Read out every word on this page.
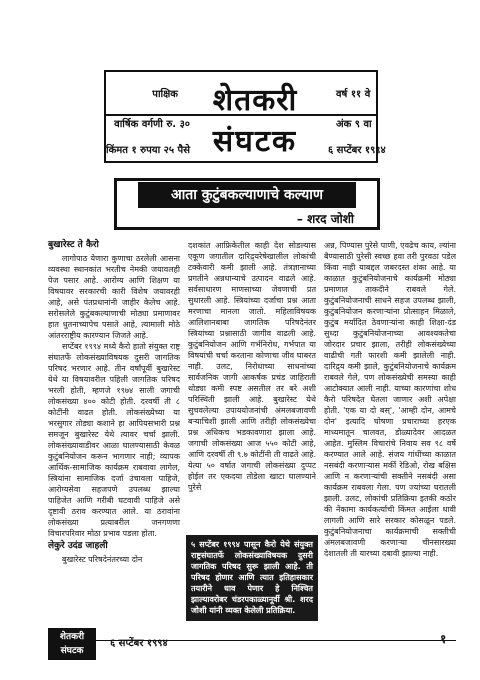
पाक्षिक
वार्षिक वर्गणी रु. ३०
किंमत १ रुपया २५ पैसे
शेतकरी
संघटक
वर्ष ११ वे
अंक ९ वा
६ सप्टेंबर १९९४
आता कुटुंबकल्याणाचे कल्याण
– शरद जोशी
बुखारेस्ट ते कैरो
लागोपाठ येणारा कुणाचा ठरलेली आसना व्यवस्था स्थानकांत भरतीच नेमकी जयावलही पेज पसार आहे. आरोग्य आणि शिक्षण या विषयावर सरकारची कारी विशेष जयावरही आहे, असे पंतप्रधानांनी जाहीर केलेच आहे. सरोसलेले कुटुंबकल्याणाची मोठ्या प्रमाणावर हात धुतनाच्यापेच पसाते आहे, त्यामाली मोठे आंतरराष्ट्रीय कारण्यान जिजते आहे.
सप्टेंबर १९९४ मध्ये कैरो हातो संयुक्त राष्ट्र संघातर्फे लोकसंख्याविषयक दुसरी जागतिक परिषद भरणार आहे. तीन वर्षांपूर्वी बुखारेस्ट येथे या विषयावरील पहिली जागतिक परिषद भरली होती, म्हणजे १९७४ साली जगाची लोकसंख्या ४०० कोटी होती. दरवर्षी ती ८ कोटींनी वाढत होती. लोकसंख्येच्या या भरसुगार तोड्या कशाने हा आपियसभारी प्रश्न समजून बुखारेस्ट येथे त्यावर चर्चा झाली. लोकसंख्यावाडीवर आळा घालण्यासाठी केवळ कुटुंबनियोजन करून भागणार नाही; व्यापक आर्थिक-सामाजिक कार्यक्रम राबवावा लागेल, स्त्रियांना सामाजिक दर्जा उंचावला पाहिजे, आरोग्यसेवा सहजपणे उपलब्ध झाल्या पाहिजेत आणि गरीबी घटवावी पाहिजे असे दृष्टावी ठराव करण्यात आले. या ठरावांना लोकसंख्या प्रत्याबरील जनगणणा विचारपरिवार मोठा प्रभाव पडला होता.
लेकुरे उदंड जाहली
बुखारेस्ट परिषदेनंतरच्या दोन
दशकांत आफ्रिकेतील काही देश सोडल्यास एकूण जगातील दारिद्र्यरेषेखालील लोकांची टक्केवारी कमी झाली आहे. तंत्रज्ञानाच्या प्रगतीने अन्नधान्याचे उत्पादन वाढले आहे. सर्वसाधारण माणसाच्या जेवणाची प्रत सुधारली आहे. स्त्रियांच्या दर्जाचा प्रश्न आता मरणाचा मानला जातो. महिलाविषयक आलिशानबाबा जागतिक परिषदेनंतर स्त्रियांच्या प्रश्नासाठी जागीव वाढली आहे. कुटुंबनियोजन आणि गर्भनिरोध, गर्भपात या विषयांची चर्चा करताना कोणाचा जीव घाबरत नाही. उलट, निरोधाच्या साधनांच्या सार्वजनिक जागी आकर्षक प्रचंड जाहिराती थोड्या कमी स्पष्ट असतील तर बरे अशी परिस्थिती झाली आहे. बुखारेस्ट येथे सुचवलेल्या उपाययोजनांची अंमलबजावणी बऱ्याचिशी झाली आणि तरीही लोकसंख्येचा प्रश्न अधिकच भडकावणारा झाला आहे. जगाची लोकसंख्या आज ५५० कोटी आहे, आणि दरवर्षी ती ९.७ कोटींनी ती वाढते आहे. येत्या ५० वर्षात जगाची लोकसंख्या दुप्पट होईल तर एकदया तोडेला खाटा घालण्याने पुरेसे
५ सप्टेंबर १९९४ पासून कैरो येथे संयुक्त राष्ट्रसंघातर्फे लोकसंख्याविषयक दुसरी जागतिक परिषद सुरू झाली आहे. ती परिषद होणार आणि त्यात इतिहासकार तयारीने धाव पेणार हे निश्चित झाल्यावरोबर चंडरपकाळ्यानूर्वी श्री. शरद जोशी यांनी व्यक्त केलेली प्रतिक्रिया.
अन्न, पिण्यास पुरेसे पाणी, एवढेच काय, ल्यांना बैण्यासाठी पुरेसी स्वच्छ हवा तरी पुरवठा पडेल किंवा नाही याबद्दल जबरदस्त शंका आहे. या काळात कुटुंबनियोजनाचे कार्यक्रमी मोठ्या प्रमाणात ताकदीने राबवले गेले. कुटुंबनियोजनाची साधने सहज उपलब्ध झाली, कुटुंबनियोजन करणाऱ्यांना प्रोत्साहन मिळाले, कुटुंब मर्यादित ठेवणाऱ्यांना काही शिक्षा-दंड सुध्दा कुटुंबनियोजनाच्या आवश्यकतेचा जोरदार प्रचार झाला, तरीही लोकसंख्येच्या वाढीची गती फारशी कमी झालेली नाही. दारिद्र्य कमी झाले, कुटुंबनियोजनाचे कार्यक्रम राबवले गेले, पण लोकसंख्येची समस्या काही आटोक्यात आली नाही. याच्या कारणांचा शोध कैरो परिषदेत घेतला जाणार अशी अपेक्षा होती. 'एक या दो बस्', 'आम्ही दोन, आमचे दोन' इत्यादि घोषणा प्रचाराच्या हरएक माध्यमातून चालवत, डोळ्यादेवर आदळत आहेत. मुस्लिम विचारांचे निवाय सव ९८ वर्षे करण्यात आले आहे. संजय गांधींच्या काळात नसबंदी करणाऱ्यास मर्की रेडिओ, रोख बक्षिस आणि न करणाऱ्यांची सक्तीने नसबंदी असा कार्यक्रम राबवला गेला. पण ज्यांच्या घरातली झाली. उलट, लोकांची प्रतिक्रिया इतकी कठोर की नेंकामा कार्यकर्त्याची किंमत आईला धावी लागली आणि सारे सरकार कोसळून पडले. कुटुंबनियोजनाचा कार्यक्रमाची सक्तीची अंमलबजावणी करणाऱ्या चीनसारख्या देशातली ती यारच्या दबावी झाल्या नाही.
शेतकरी
संघटक
६ सप्टेंबर १९९४	१
